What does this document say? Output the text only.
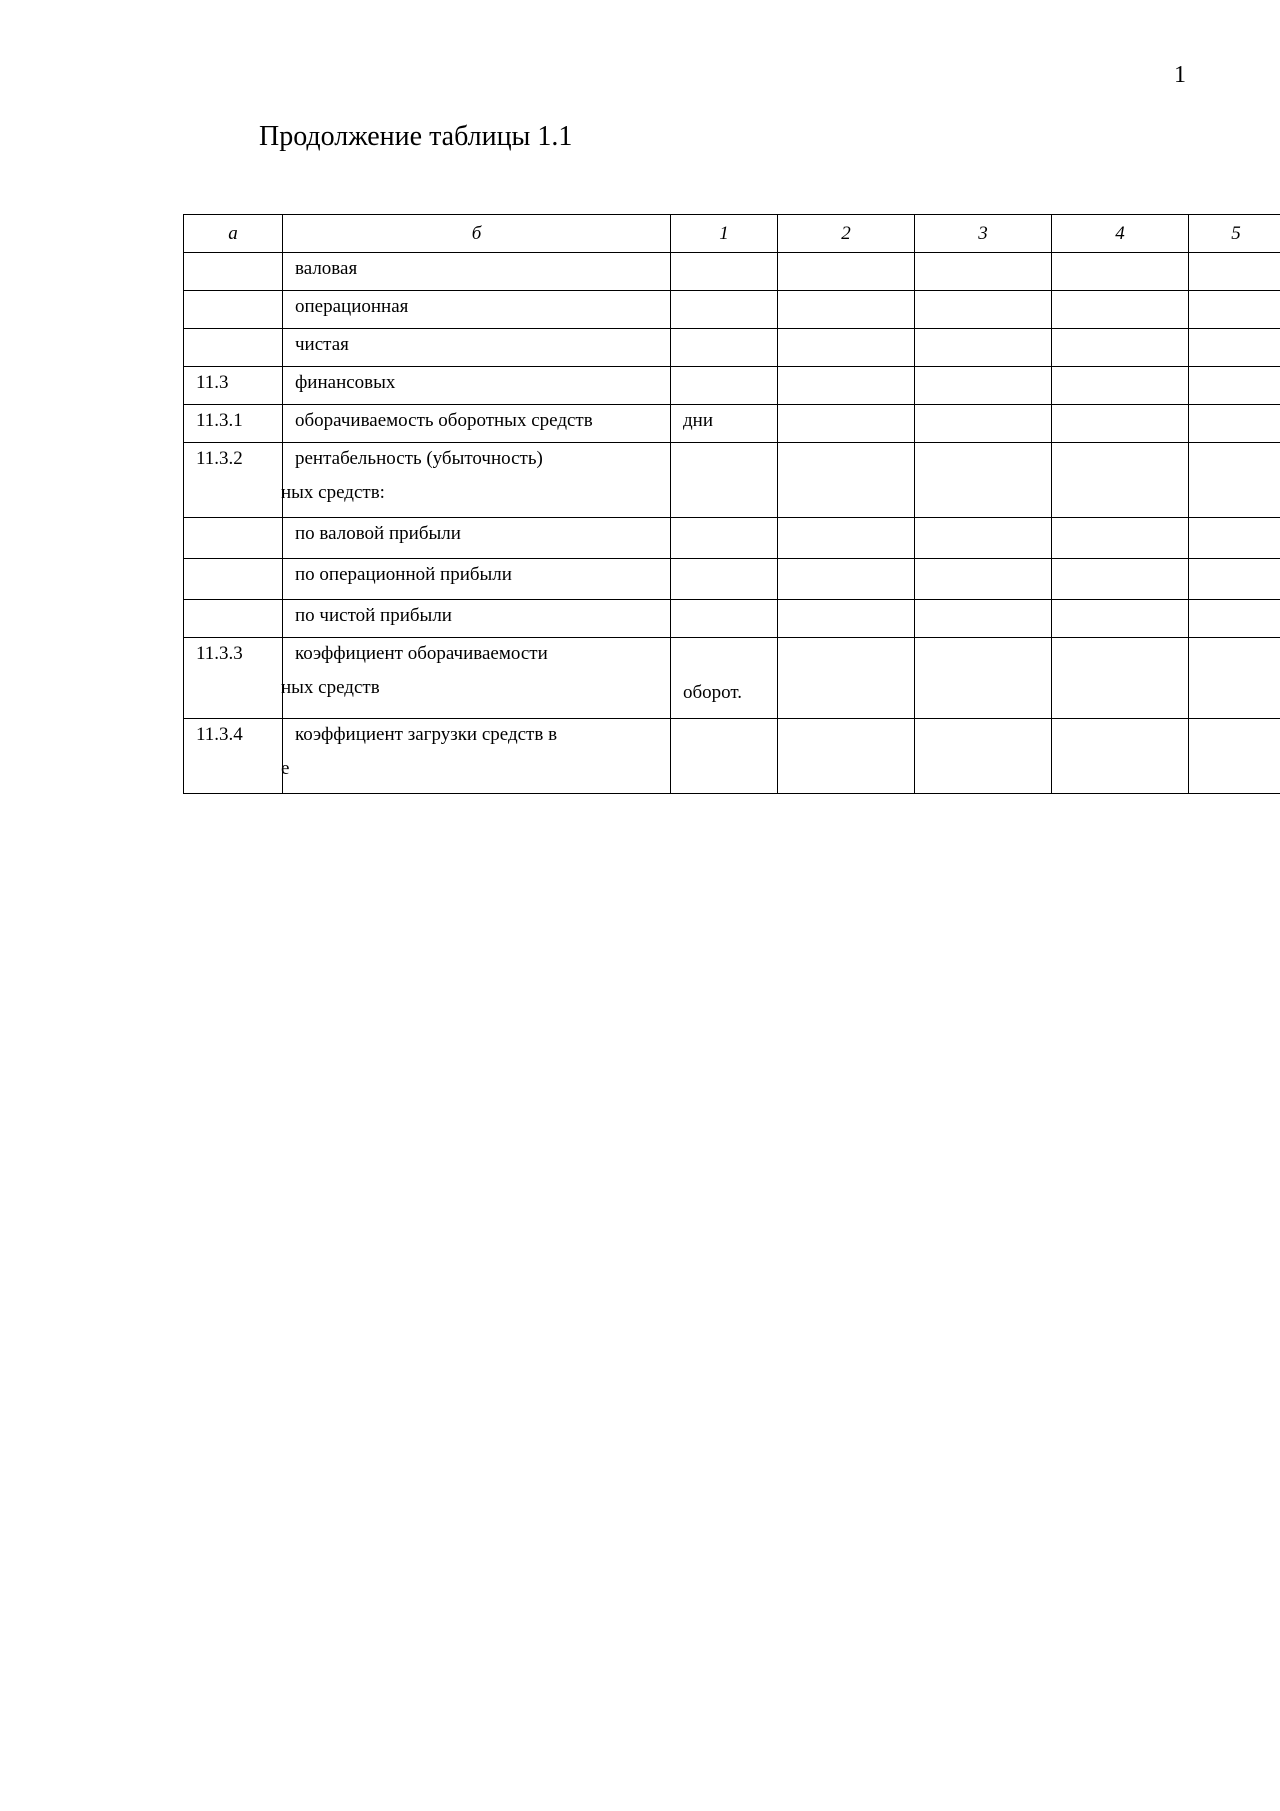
1
Продолжение таблицы 1.1
а	б	1	2	3	4	5

	валовая					

	операционная					

	чистая					

11.3	финансовых					

11.3.1	оборачиваемость оборотных средств	дни				

11.3.2	рентабельность (убыточность)
ных средств:					

	по валовой прибыли					

	по операционной прибыли					

	по чистой прибыли					

11.3.3	коэффициент оборачиваемости
ных средств	оборот.				

11.3.4	коэффициент загрузки средств в
е					
